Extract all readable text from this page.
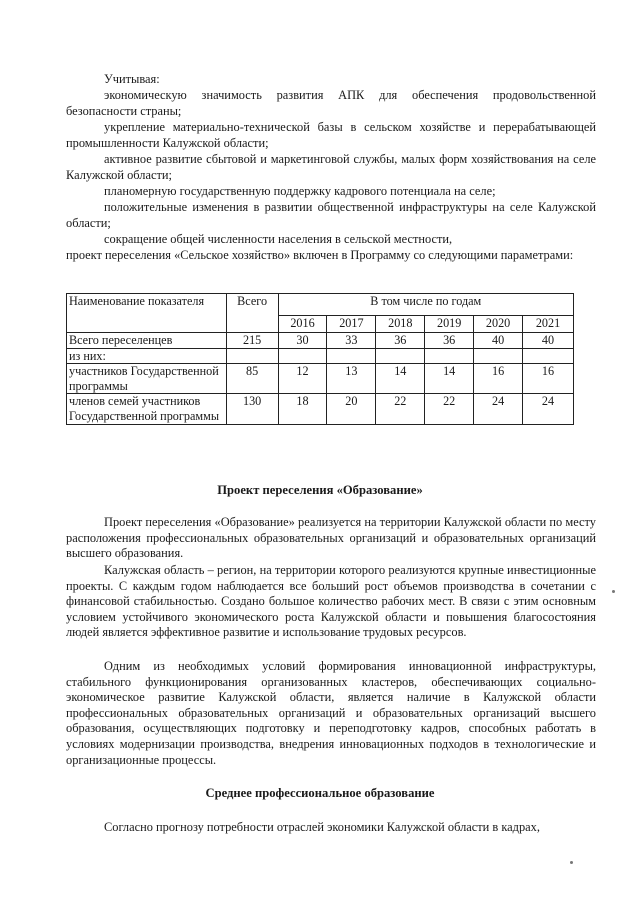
Учитывая:

экономическую значимость развития АПК для обеспечения продовольственной безопасности страны;

укрепление материально-технической базы в сельском хозяйстве и перерабатывающей промышленности Калужской области;

активное развитие сбытовой и маркетинговой службы, малых форм хозяйствования на селе Калужской области;

планомерную государственную поддержку кадрового потенциала на селе;

положительные изменения в развитии общественной инфраструктуры на селе Калужской области;

сокращение общей численности населения в сельской местности,

проект переселения «Сельское хозяйство» включен в Программу со следующими параметрами:

Наименование показателя	Всего	В том числе по годам					
		2016	2017	2018	2019	2020	2021
Всего переселенцев	215	30	33	36	36	40	40
из них:							
участников Государственной программы	85	12	13	14	14	16	16
членов семей участников Государственной программы	130	18	20	22	22	24	24

Проект переселения «Образование»

Проект переселения «Образование» реализуется на территории Калужской области по месту расположения профессиональных образовательных организаций и образовательных организаций высшего образования.

Калужская область – регион, на территории которого реализуются крупные инвестиционные проекты. С каждым годом наблюдается все больший рост объемов производства в сочетании с финансовой стабильностью. Создано большое количество рабочих мест. В связи с этим основным условием устойчивого экономического роста Калужской области и повышения благосостояния людей является эффективное развитие и использование трудовых ресурсов.

Одним из необходимых условий формирования инновационной инфраструктуры, стабильного функционирования организованных кластеров, обеспечивающих социально-экономическое развитие Калужской области, является наличие в Калужской области профессиональных образовательных организаций и образовательных организаций высшего образования, осуществляющих подготовку и переподготовку кадров, способных работать в условиях модернизации производства, внедрения инновационных подходов в технологические и организационные процессы.

Среднее профессиональное образование

Согласно прогнозу потребности отраслей экономики Калужской области в кадрах,
